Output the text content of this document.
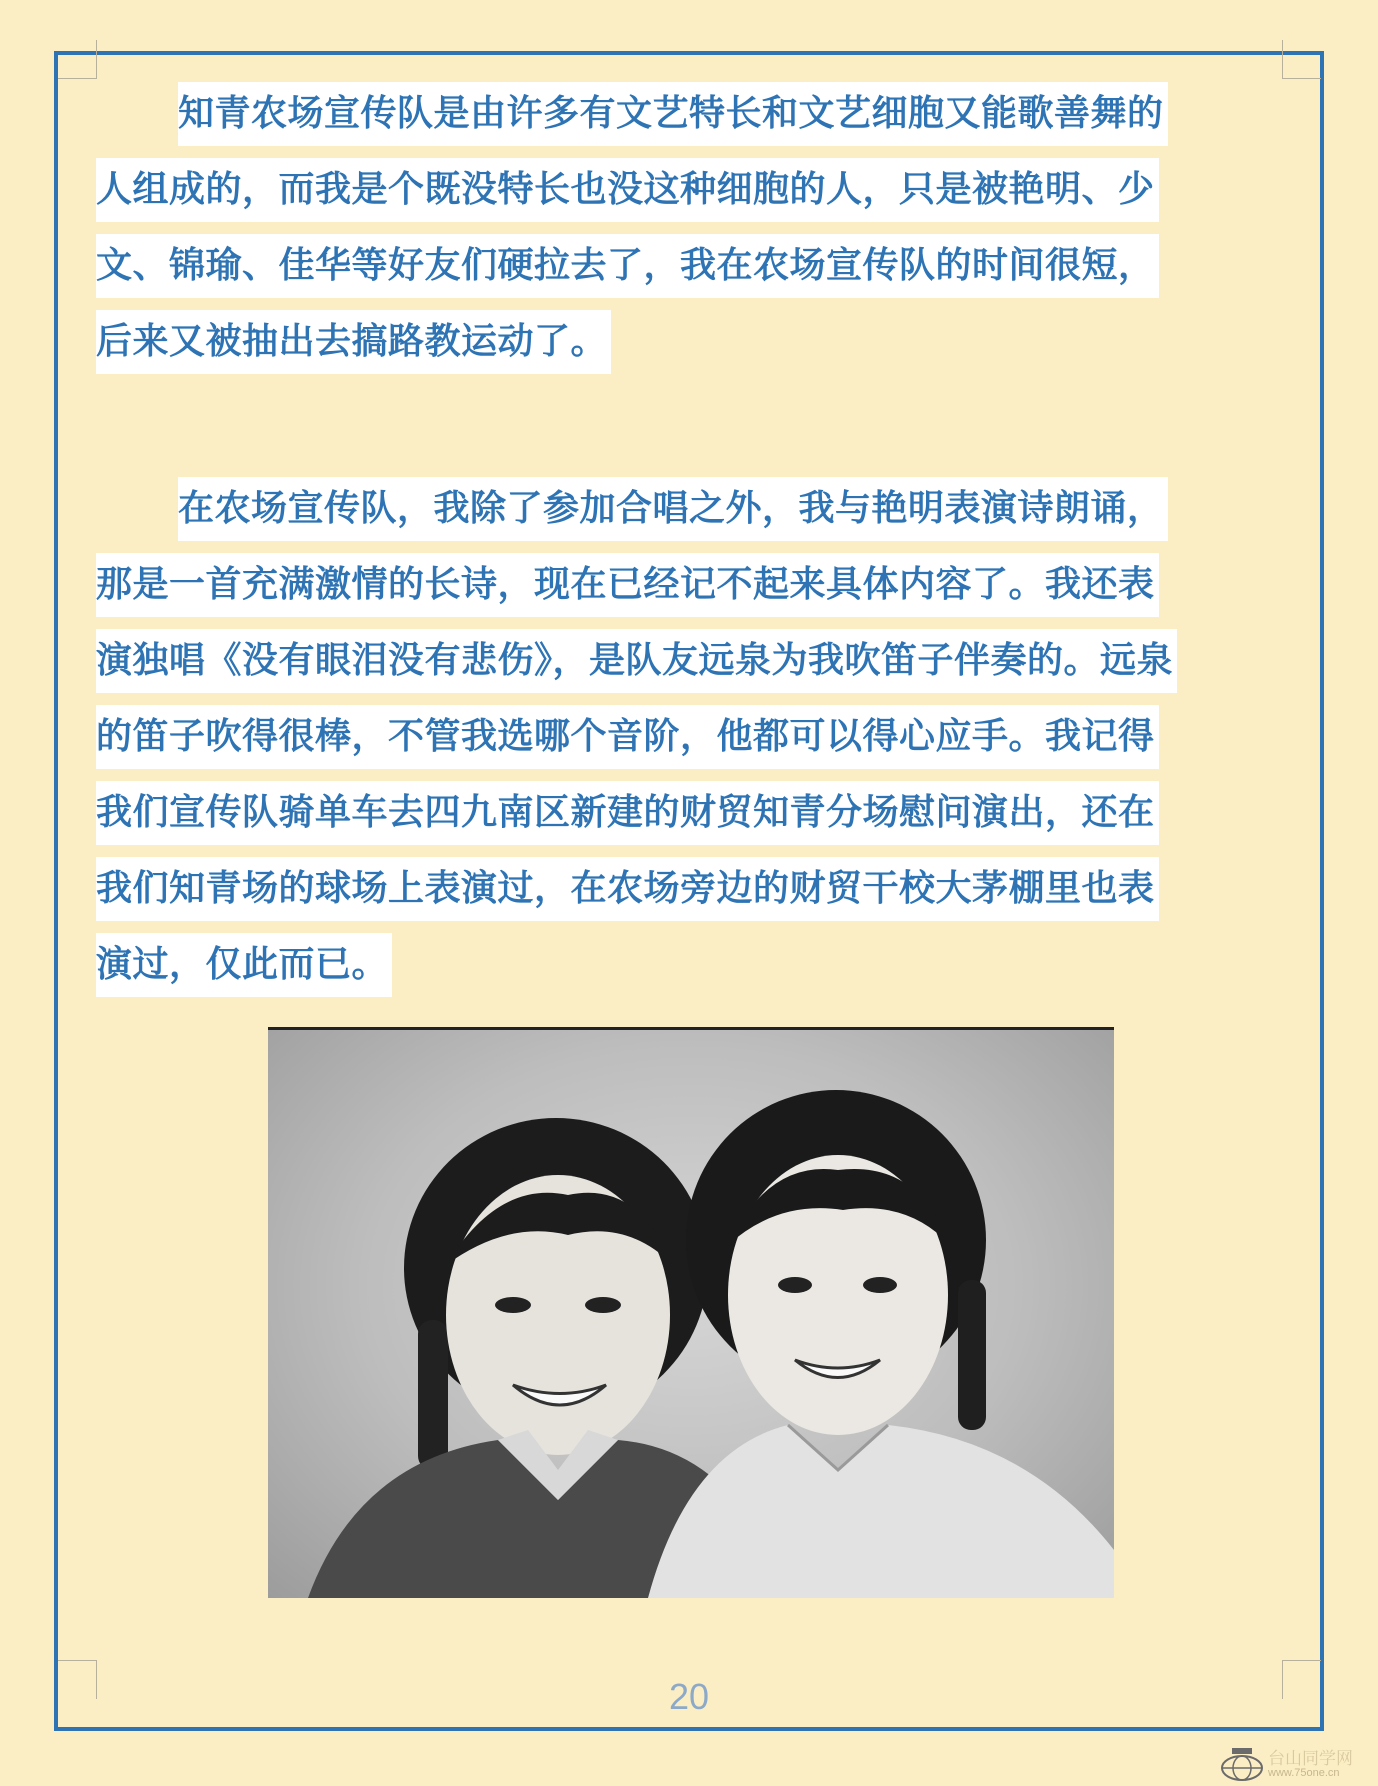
知青农场宣传队是由许多有文艺特长和文艺细胞又能歌善舞的
人组成的，而我是个既没特长也没这种细胞的人，只是被艳明、少
文、锦瑜、佳华等好友们硬拉去了，我在农场宣传队的时间很短，
后来又被抽出去搞路教运动了。
在农场宣传队，我除了参加合唱之外，我与艳明表演诗朗诵，
那是一首充满激情的长诗，现在已经记不起来具体内容了。我还表
演独唱《没有眼泪没有悲伤》，是队友远泉为我吹笛子伴奏的。远泉
的笛子吹得很棒，不管我选哪个音阶，他都可以得心应手。我记得
我们宣传队骑单车去四九南区新建的财贸知青分场慰问演出，还在
我们知青场的球场上表演过，在农场旁边的财贸干校大茅棚里也表
演过，仅此而已。
20
台山同学网
www.75one.cn
